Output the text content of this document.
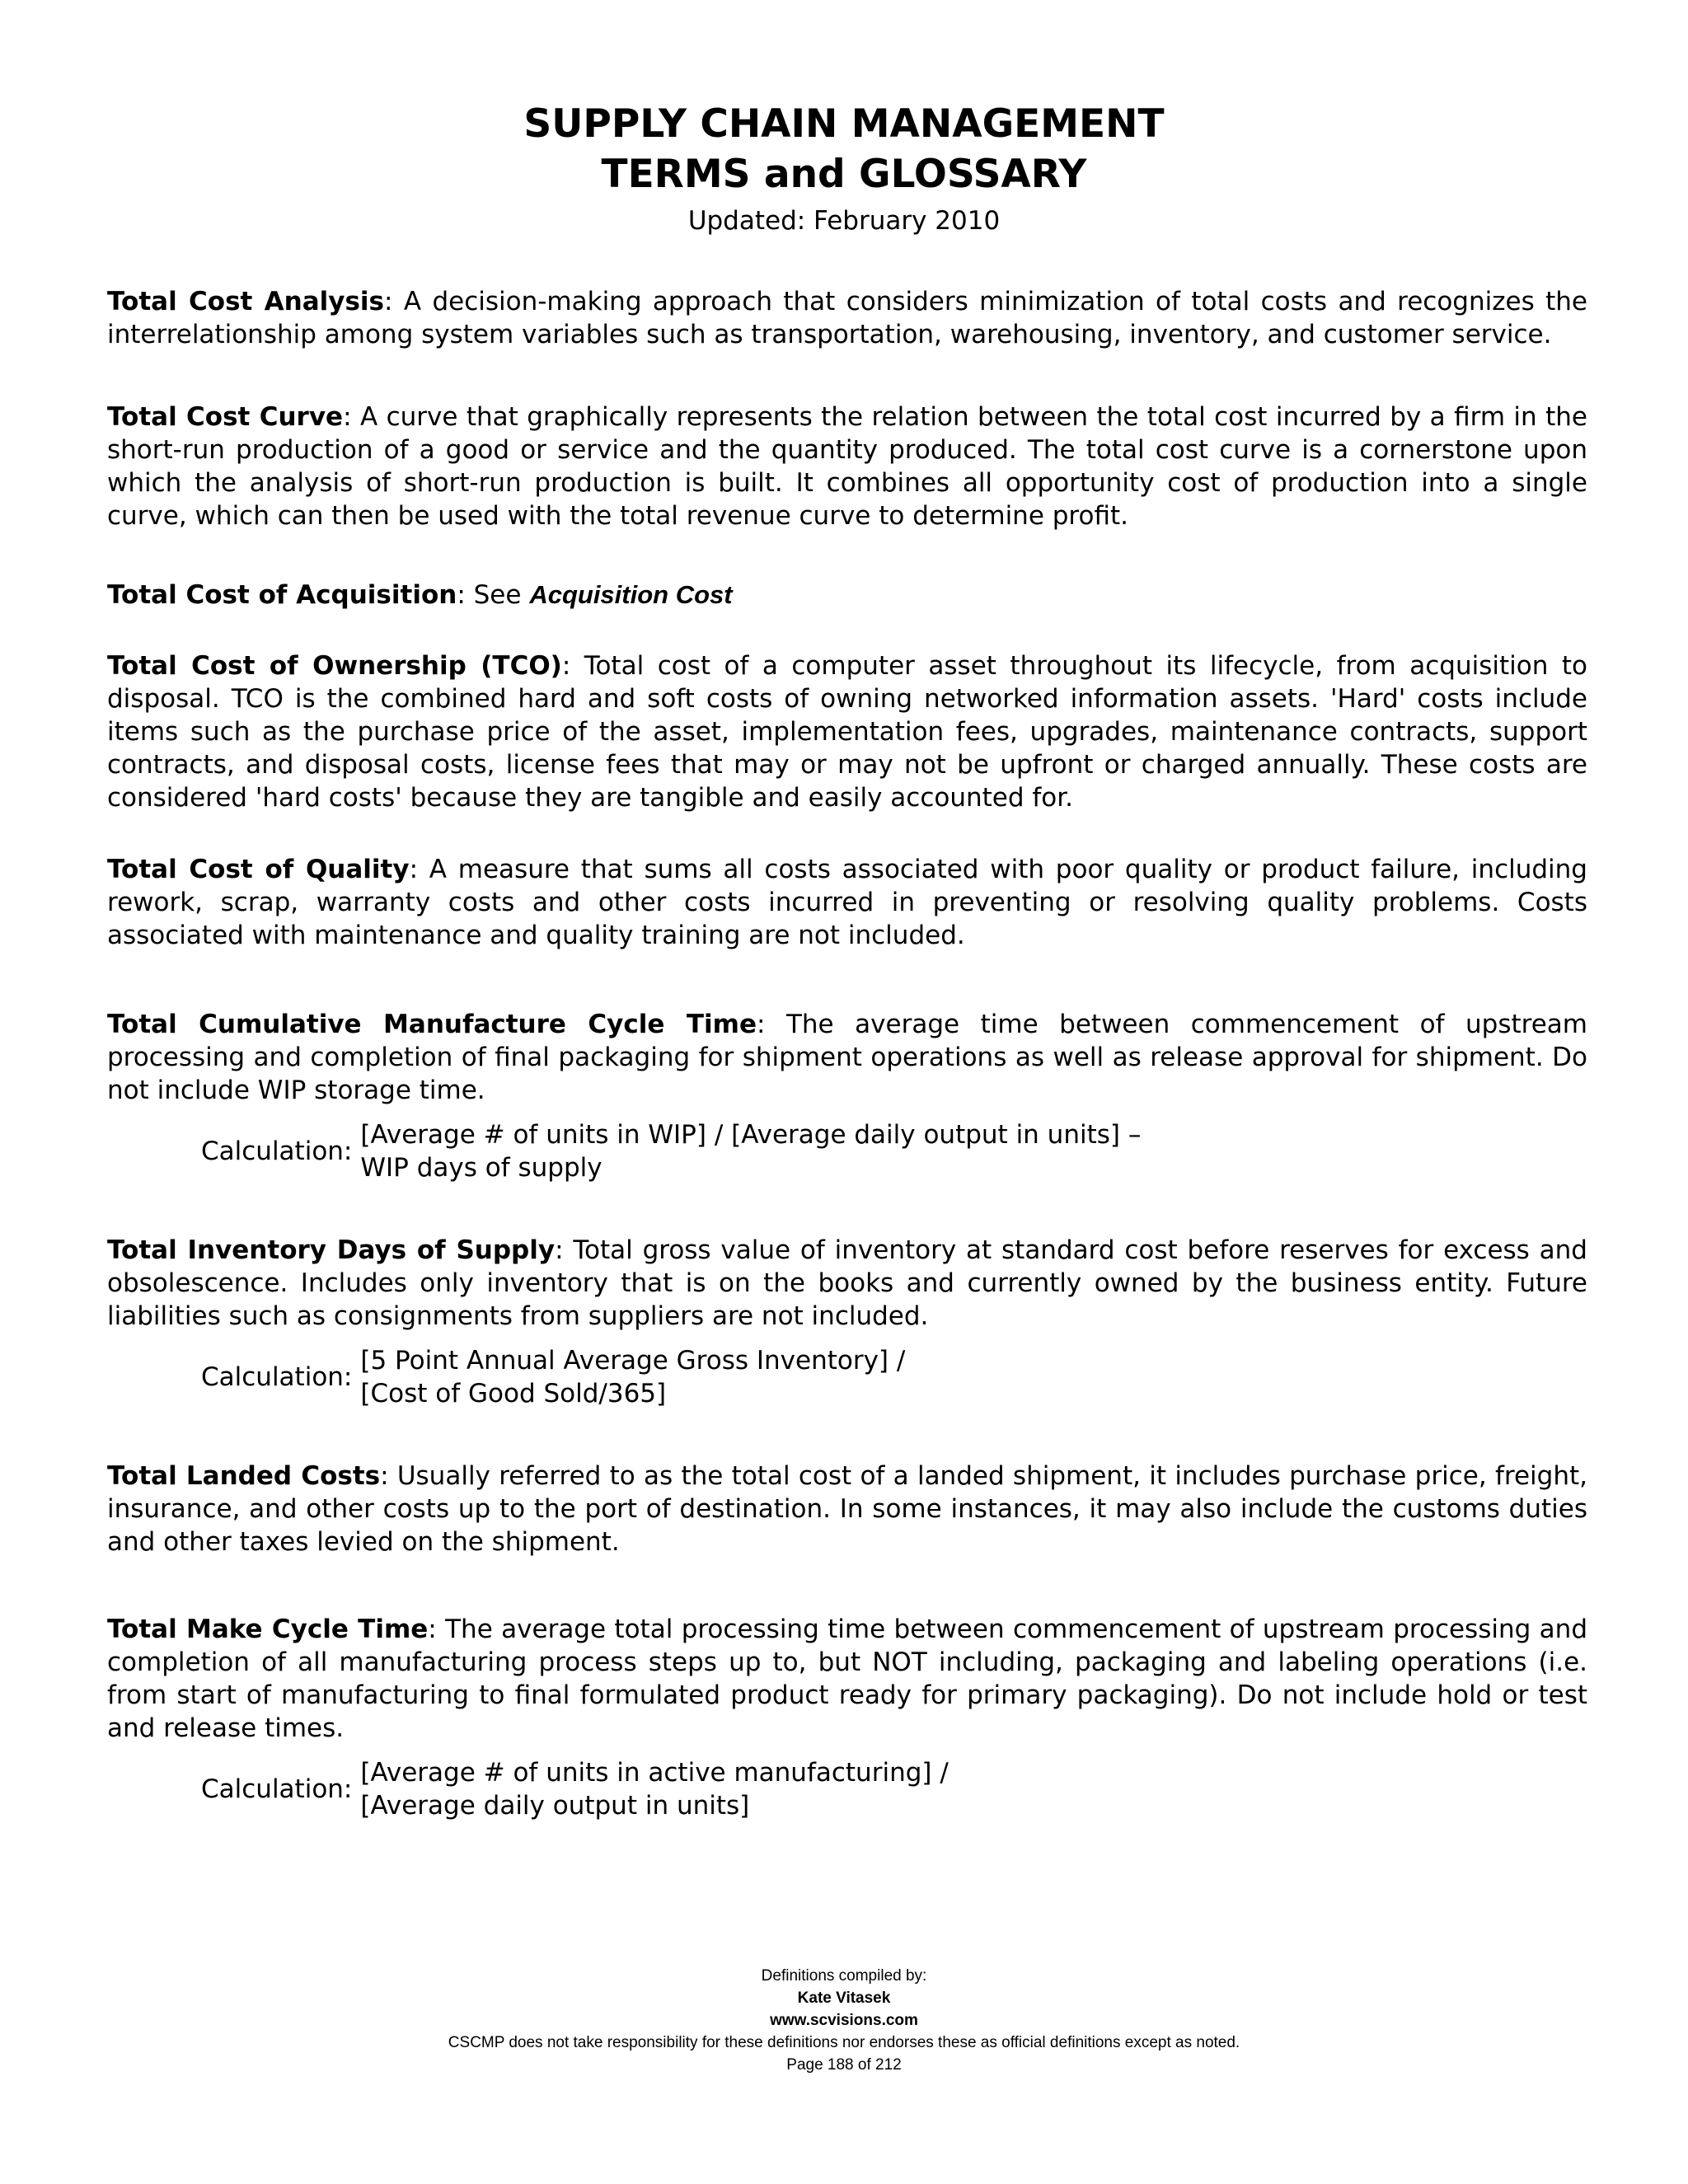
SUPPLY CHAIN MANAGEMENT
TERMS and GLOSSARY
Updated: February 2010
Total Cost Analysis: A decision-making approach that considers minimization of total costs and recognizes the interrelationship among system variables such as transportation, warehousing, inventory, and customer service.
Total Cost Curve: A curve that graphically represents the relation between the total cost incurred by a firm in the short-run production of a good or service and the quantity produced. The total cost curve is a cornerstone upon which the analysis of short-run production is built. It combines all opportunity cost of production into a single curve, which can then be used with the total revenue curve to determine profit.
Total Cost of Acquisition: See Acquisition Cost
Total Cost of Ownership (TCO): Total cost of a computer asset throughout its lifecycle, from acquisition to disposal. TCO is the combined hard and soft costs of owning networked information assets. 'Hard' costs include items such as the purchase price of the asset, implementation fees, upgrades, maintenance contracts, support contracts, and disposal costs, license fees that may or may not be upfront or charged annually. These costs are considered 'hard costs' because they are tangible and easily accounted for.
Total Cost of Quality: A measure that sums all costs associated with poor quality or product failure, including rework, scrap, warranty costs and other costs incurred in preventing or resolving quality problems. Costs associated with maintenance and quality training are not included.
Total Cumulative Manufacture Cycle Time: The average time between commencement of upstream processing and completion of final packaging for shipment operations as well as release approval for shipment. Do not include WIP storage time.
Calculation:
[Average # of units in WIP] / [Average daily output in units] –
WIP days of supply
Total Inventory Days of Supply: Total gross value of inventory at standard cost before reserves for excess and obsolescence. Includes only inventory that is on the books and currently owned by the business entity. Future liabilities such as consignments from suppliers are not included.
Calculation:
[5 Point Annual Average Gross Inventory] /
[Cost of Good Sold/365]
Total Landed Costs: Usually referred to as the total cost of a landed shipment, it includes purchase price, freight, insurance, and other costs up to the port of destination. In some instances, it may also include the customs duties and other taxes levied on the shipment.
Total Make Cycle Time: The average total processing time between commencement of upstream processing and completion of all manufacturing process steps up to, but NOT including, packaging and labeling operations (i.e. from start of manufacturing to final formulated product ready for primary packaging). Do not include hold or test and release times.
Calculation:
[Average # of units in active manufacturing] /
[Average daily output in units]
Definitions compiled by:
Kate Vitasek
www.scvisions.com
CSCMP does not take responsibility for these definitions nor endorses these as official definitions except as noted.
Page 188 of 212
